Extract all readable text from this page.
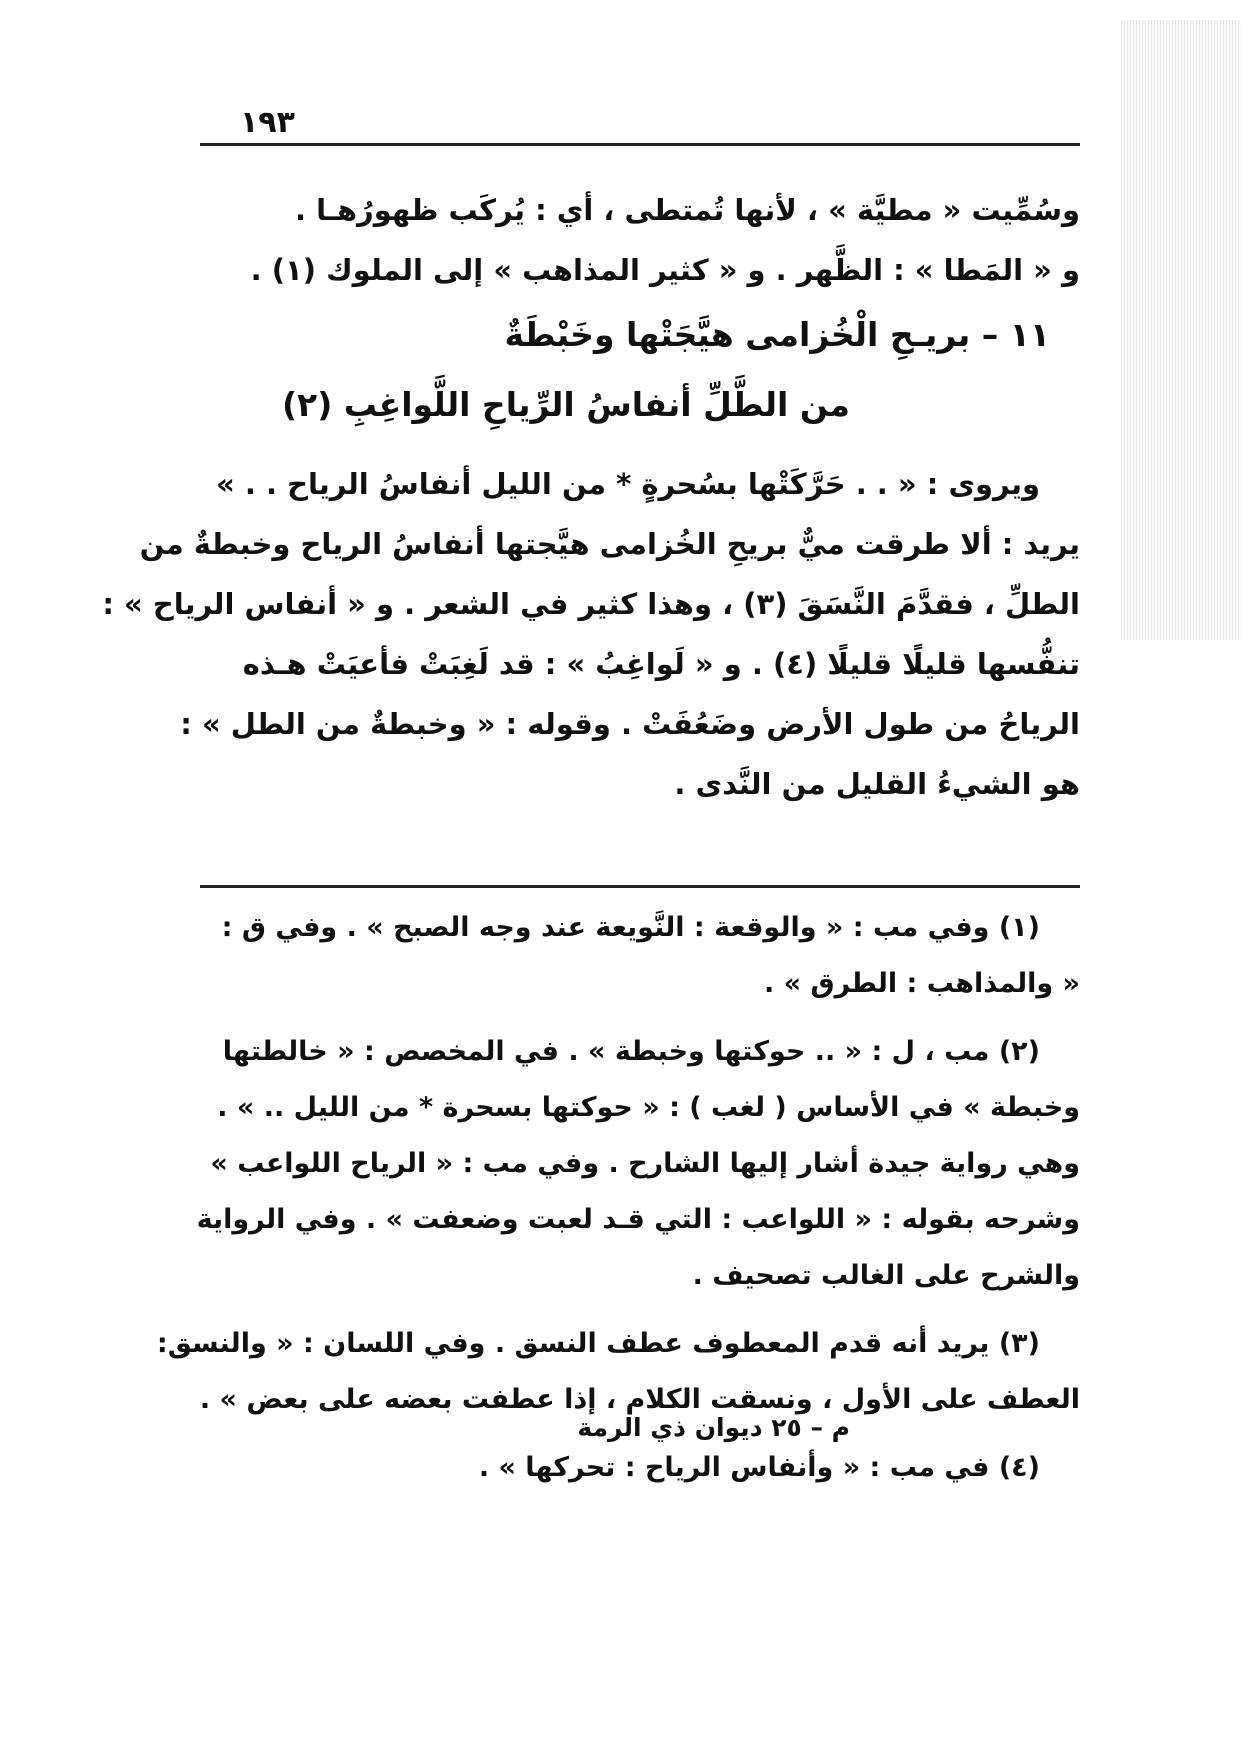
١٩٣
وسُمِّيت « مطيَّة » ، لأنها تُمتطى ، أي : يُركَب ظهورُهـا .
و « المَطا » : الظَّهر . و « كثير المذاهب » إلى الملوك (١) .
١١ – بريـحِ الْخُزامى هيَّجَتْها وخَبْطَةٌ
من الطَّلِّ أنفاسُ الرِّياحِ اللَّواغِبِ (٢)
ويروى : « . . حَرَّكَتْها بسُحرةٍ * من الليل أنفاسُ الرياح . . »
يريد : ألا طرقت ميٌّ بريحِ الخُزامى هيَّجتها أنفاسُ الرياح وخبطةٌ من
الطلِّ ، فقدَّمَ النَّسَقَ (٣) ، وهذا كثير في الشعر . و « أنفاس الرياح » :
تنفُّسها قليلًا قليلًا (٤) . و « لَواغِبُ » : قد لَغِبَتْ فأعيَتْ هـذه
الرياحُ من طول الأرض وضَعُفَتْ . وقوله : « وخبطةٌ من الطل » :
هو الشيءُ القليل من النَّدى .
(١) وفي مب : « والوقعة : النَّويعة عند وجه الصبح » . وفي ق :
« والمذاهب : الطرق » .
(٢) مب ، ل : « .. حوكتها وخبطة » . في المخصص : « خالطتها
وخبطة » في الأساس ( لغب ) : « حوكتها بسحرة * من الليل .. » .
وهي رواية جيدة أشار إليها الشارح . وفي مب : « الرياح اللواعب »
وشرحه بقوله : « اللواعب : التي قـد لعبت وضعفت » . وفي الرواية
والشرح على الغالب تصحيف .
(٣) يريد أنه قدم المعطوف عطف النسق . وفي اللسان : « والنسق:
العطف على الأول ، ونسقت الكلام ، إذا عطفت بعضه على بعض » .
(٤) في مب : « وأنفاس الرياح : تحركها » .
م – ٢٥ ديوان ذي الرمة
